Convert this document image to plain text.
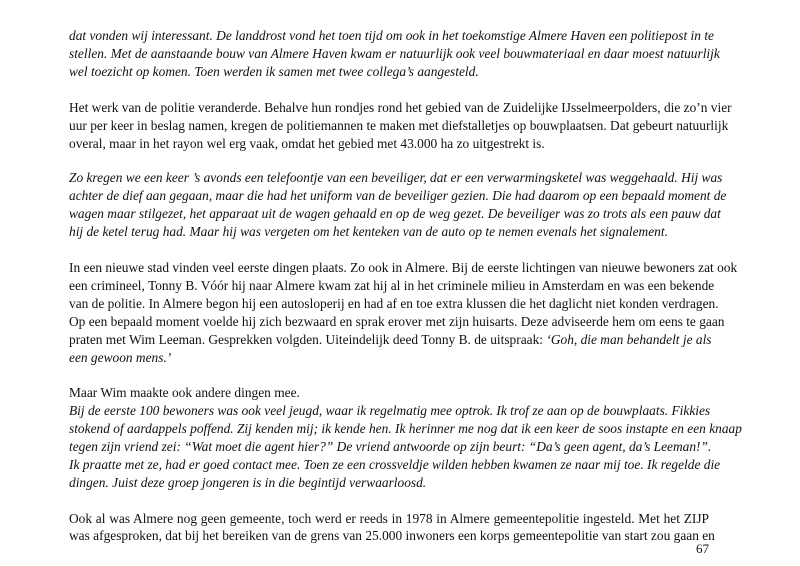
dat vonden wij interessant. De landdrost vond het toen tijd om ook in het toekomstige Almere Haven een politiepost in te
stellen. Met de aanstaande bouw van Almere Haven kwam er natuurlijk ook veel bouwmateriaal en daar moest natuurlijk
wel toezicht op komen. Toen werden ik samen met twee collega’s aangesteld.
Het werk van de politie veranderde. Behalve hun rondjes rond het gebied van de Zuidelijke IJsselmeerpolders, die zo’n vier
uur per keer in beslag namen, kregen de politiemannen te maken met diefstalletjes op bouwplaatsen. Dat gebeurt natuurlijk
overal, maar in het rayon wel erg vaak, omdat het gebied met 43.000 ha zo uitgestrekt is.
Zo kregen we een keer ’s avonds een telefoontje van een beveiliger, dat er een verwarmingsketel was weggehaald. Hij was
achter de dief aan gegaan, maar die had het uniform van de beveiliger gezien. Die had daarom op een bepaald moment de
wagen maar stilgezet, het apparaat uit de wagen gehaald en op de weg gezet. De beveiliger was zo trots als een pauw dat
hij de ketel terug had. Maar hij was vergeten om het kenteken van de auto op te nemen evenals het signalement.
In een nieuwe stad vinden veel eerste dingen plaats. Zo ook in Almere. Bij de eerste lichtingen van nieuwe bewoners zat ook
een crimineel, Tonny B. Vóór hij naar Almere kwam zat hij al in het criminele milieu in Amsterdam en was een bekende
van de politie. In Almere begon hij een autosloperij en had af en toe extra klussen die het daglicht niet konden verdragen.
Op een bepaald moment voelde hij zich bezwaard en sprak erover met zijn huisarts. Deze adviseerde hem om eens te gaan
praten met Wim Leeman. Gesprekken volgden. Uiteindelijk deed Tonny B. de uitspraak: ‘Goh, die man behandelt je als
een gewoon mens.’
Maar Wim maakte ook andere dingen mee.
Bij de eerste 100 bewoners was ook veel jeugd, waar ik regelmatig mee optrok. Ik trof ze aan op de bouwplaats. Fikkies
stokend of aardappels poffend. Zij kenden mij; ik kende hen. Ik herinner me nog dat ik een keer de soos instapte en een knaap
tegen zijn vriend zei: “Wat moet die agent hier?” De vriend antwoorde op zijn beurt: “Da’s geen agent, da’s Leeman!”.
Ik praatte met ze, had er goed contact mee. Toen ze een crossveldje wilden hebben kwamen ze naar mij toe. Ik regelde die
dingen. Juist deze groep jongeren is in die begintijd verwaarloosd.
Ook al was Almere nog geen gemeente, toch werd er reeds in 1978 in Almere gemeentepolitie ingesteld. Met het ZIJP
was afgesproken, dat bij het bereiken van de grens van 25.000 inwoners een korps gemeentepolitie van start zou gaan en
67
